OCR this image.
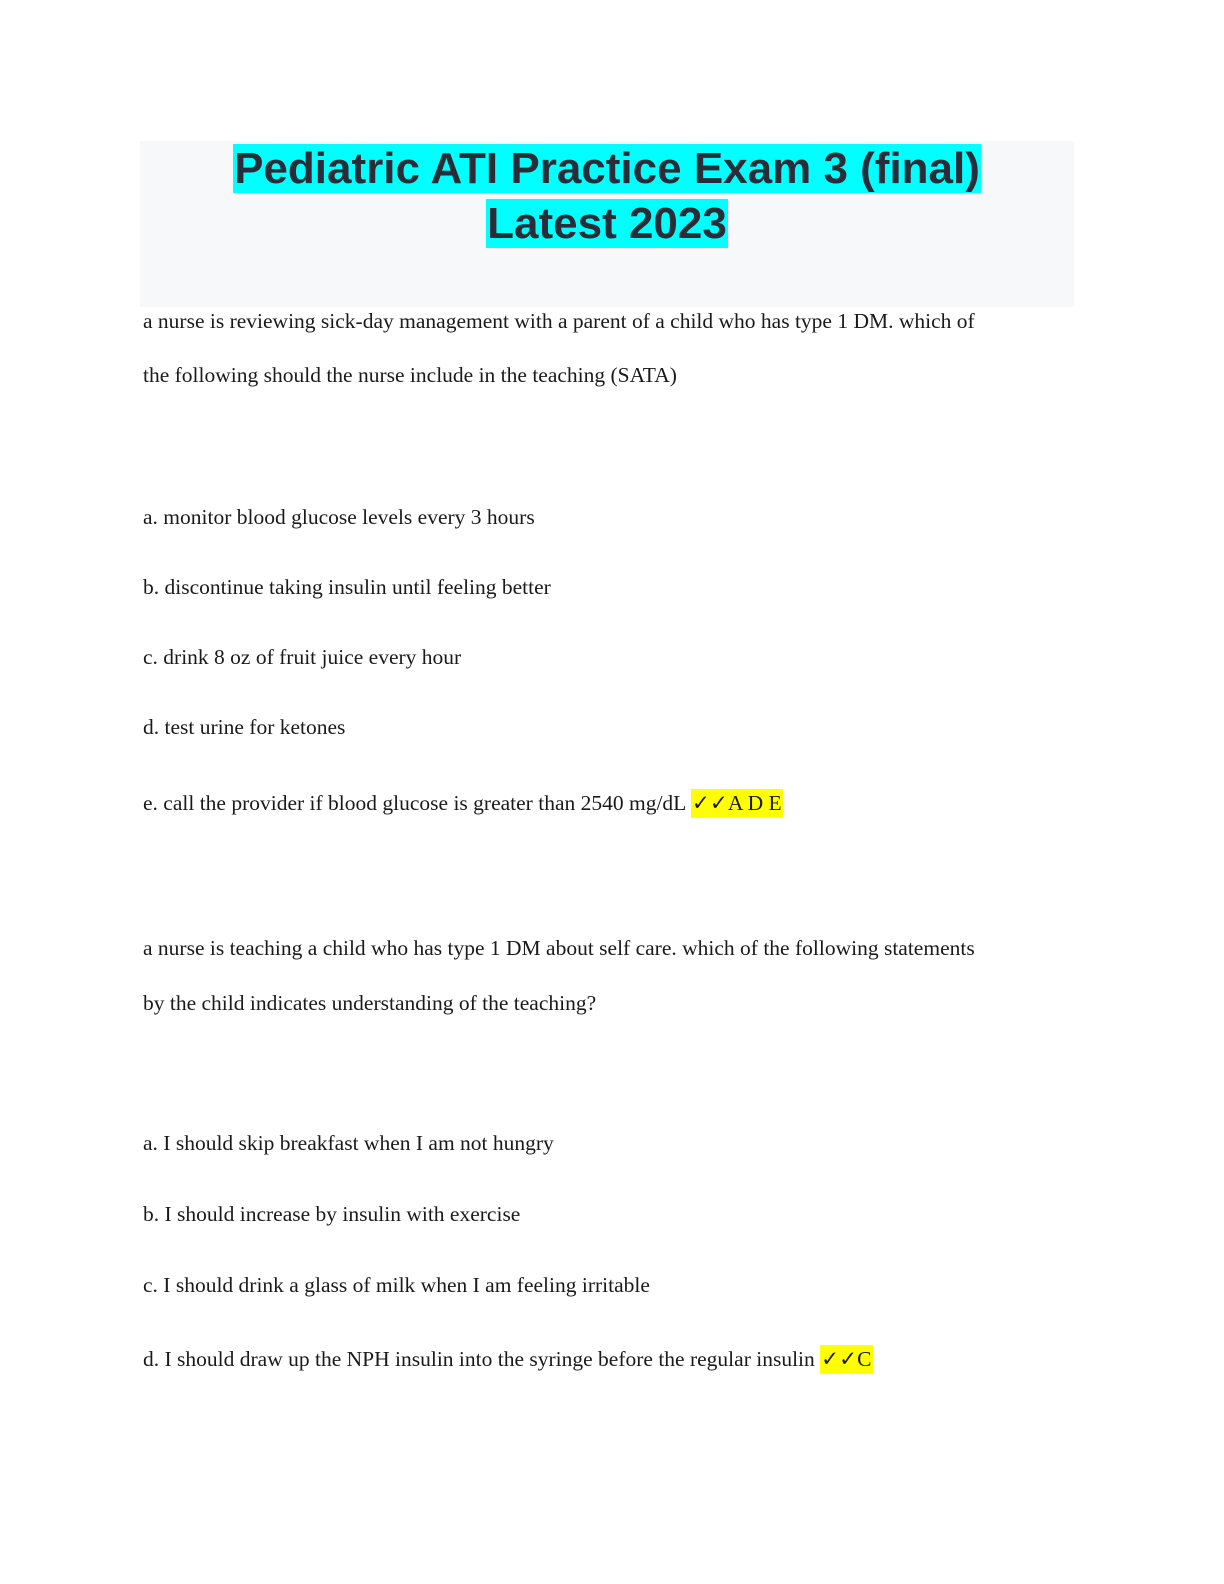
Pediatric ATI Practice Exam 3 (final)
Latest 2023
a nurse is reviewing sick-day management with a parent of a child who has type 1 DM. which of
the following should the nurse include in the teaching (SATA)
a. monitor blood glucose levels every 3 hours
b. discontinue taking insulin until feeling better
c. drink 8 oz of fruit juice every hour
d. test urine for ketones
e. call the provider if blood glucose is greater than 2540 mg/dL ✓✓A D E
a nurse is teaching a child who has type 1 DM about self care. which of the following statements
by the child indicates understanding of the teaching?
a. I should skip breakfast when I am not hungry
b. I should increase by insulin with exercise
c. I should drink a glass of milk when I am feeling irritable
d. I should draw up the NPH insulin into the syringe before the regular insulin ✓✓C
